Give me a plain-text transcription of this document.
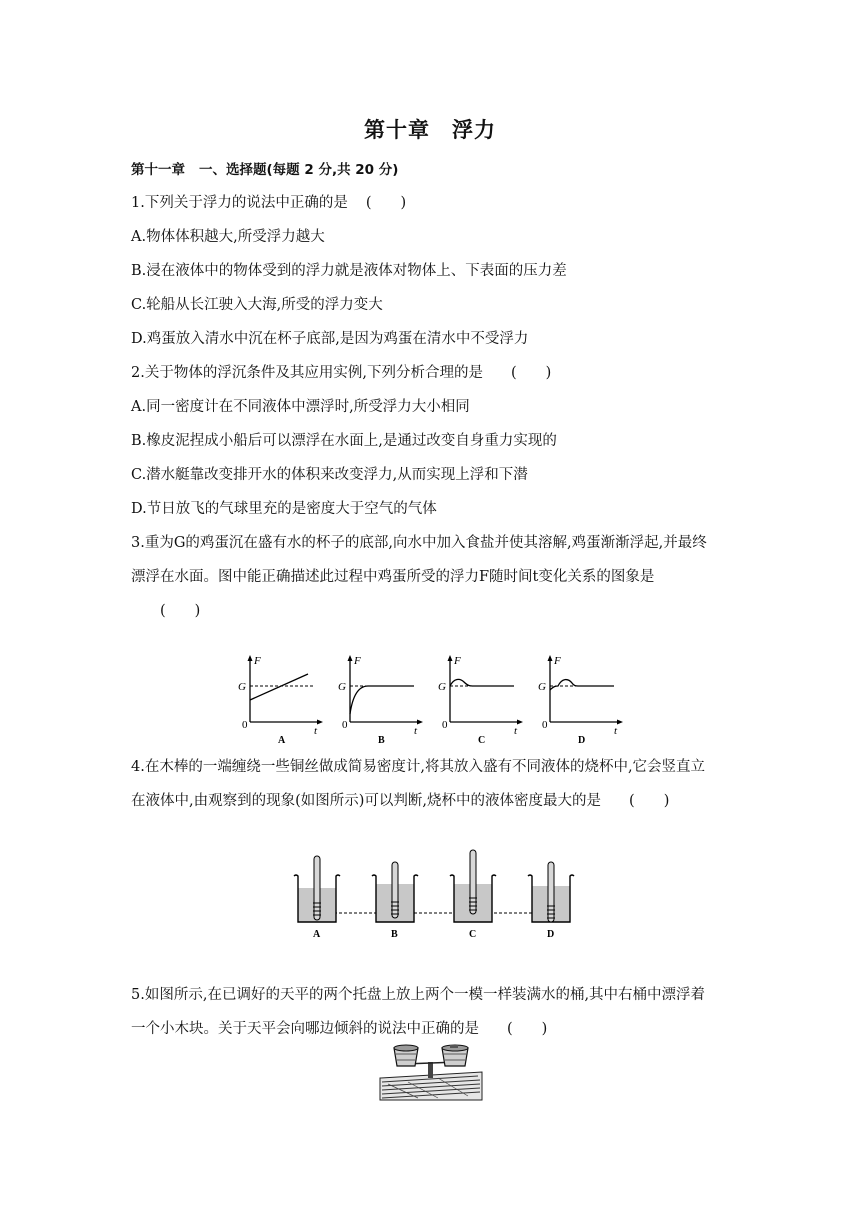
第十章 浮力
第十一章 一、选择题(每题 2 分,共 20 分)
1.下列关于浮力的说法中正确的是 (　　)
A.物体体积越大,所受浮力越大
B.浸在液体中的物体受到的浮力就是液体对物体上、下表面的压力差
C.轮船从长江驶入大海,所受的浮力变大
D.鸡蛋放入清水中沉在杯子底部,是因为鸡蛋在清水中不受浮力
2.关于物体的浮沉条件及其应用实例,下列分析合理的是 (　　)
A.同一密度计在不同液体中漂浮时,所受浮力大小相同
B.橡皮泥捏成小船后可以漂浮在水面上,是通过改变自身重力实现的
C.潜水艇靠改变排开水的体积来改变浮力,从而实现上浮和下潜
D.节日放飞的气球里充的是密度大于空气的气体
3.重为G的鸡蛋沉在盛有水的杯子的底部,向水中加入食盐并使其溶解,鸡蛋渐渐浮起,并最终
漂浮在水面。图中能正确描述此过程中鸡蛋所受的浮力F随时间t变化关系的图象是
(　　)
F
G
0	t
A
F
G
0	t
B
F
G
0	t
C
F
G
0	t
D
4.在木棒的一端缠绕一些铜丝做成简易密度计,将其放入盛有不同液体的烧杯中,它会竖直立
在液体中,由观察到的现象(如图所示)可以判断,烧杯中的液体密度最大的是 (　　)
A	B	C	D
5.如图所示,在已调好的天平的两个托盘上放上两个一模一样装满水的桶,其中右桶中漂浮着
一个小木块。关于天平会向哪边倾斜的说法中正确的是 (　　)
